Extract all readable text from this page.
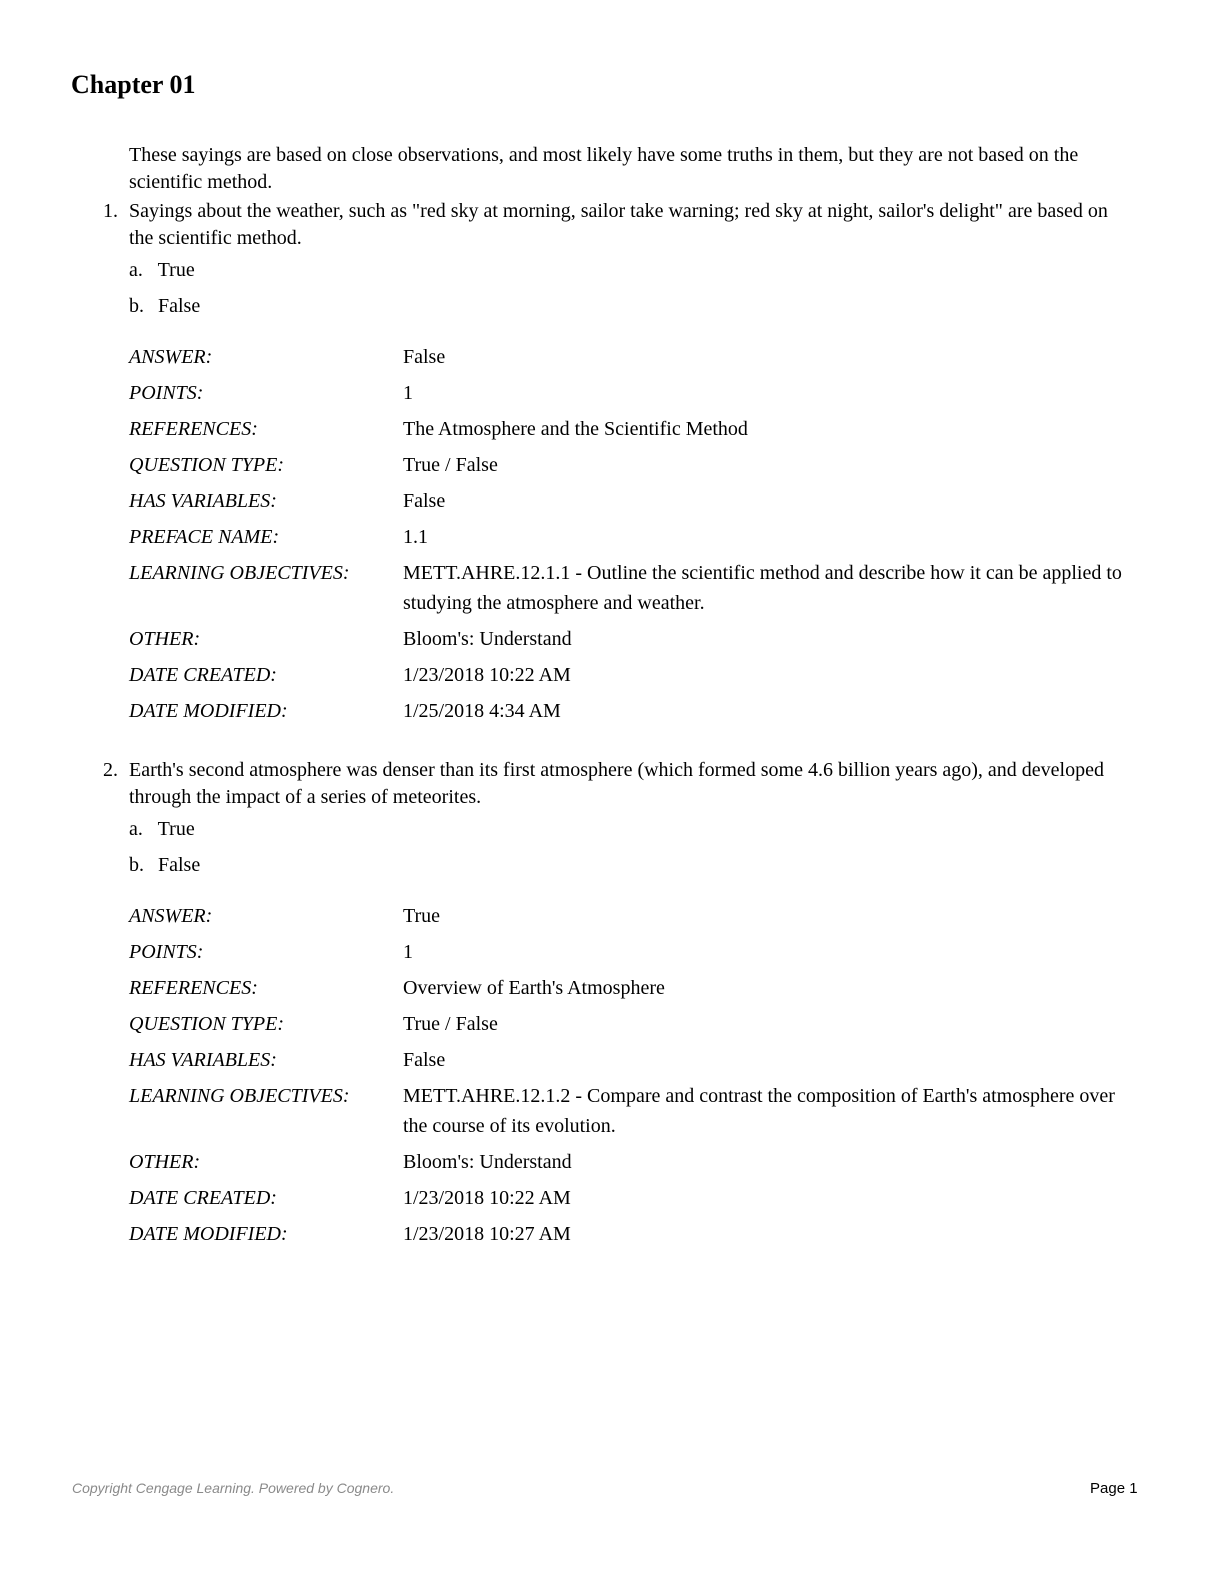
Chapter 01
These sayings are based on close observations, and most likely have some truths in them, but they are not based on the scientific method.
1. Sayings about the weather, such as "red sky at morning, sailor take warning; red sky at night, sailor's delight" are based on the scientific method.
a. True
b. False
ANSWER:	False
POINTS:	1
REFERENCES:	The Atmosphere and the Scientific Method
QUESTION TYPE:	True / False
HAS VARIABLES:	False
PREFACE NAME:	1.1
LEARNING OBJECTIVES:	METT.AHRE.12.1.1 - Outline the scientific method and describe how it can be applied to studying the atmosphere and weather.
OTHER:	Bloom's: Understand
DATE CREATED:	1/23/2018 10:22 AM
DATE MODIFIED:	1/25/2018 4:34 AM
2. Earth's second atmosphere was denser than its first atmosphere (which formed some 4.6 billion years ago), and developed through the impact of a series of meteorites.
a. True
b. False
ANSWER:	True
POINTS:	1
REFERENCES:	Overview of Earth's Atmosphere
QUESTION TYPE:	True / False
HAS VARIABLES:	False
LEARNING OBJECTIVES:	METT.AHRE.12.1.2 - Compare and contrast the composition of Earth's atmosphere over the course of its evolution.
OTHER:	Bloom's: Understand
DATE CREATED:	1/23/2018 10:22 AM
DATE MODIFIED:	1/23/2018 10:27 AM
Copyright Cengage Learning. Powered by Cognero.	Page 1
